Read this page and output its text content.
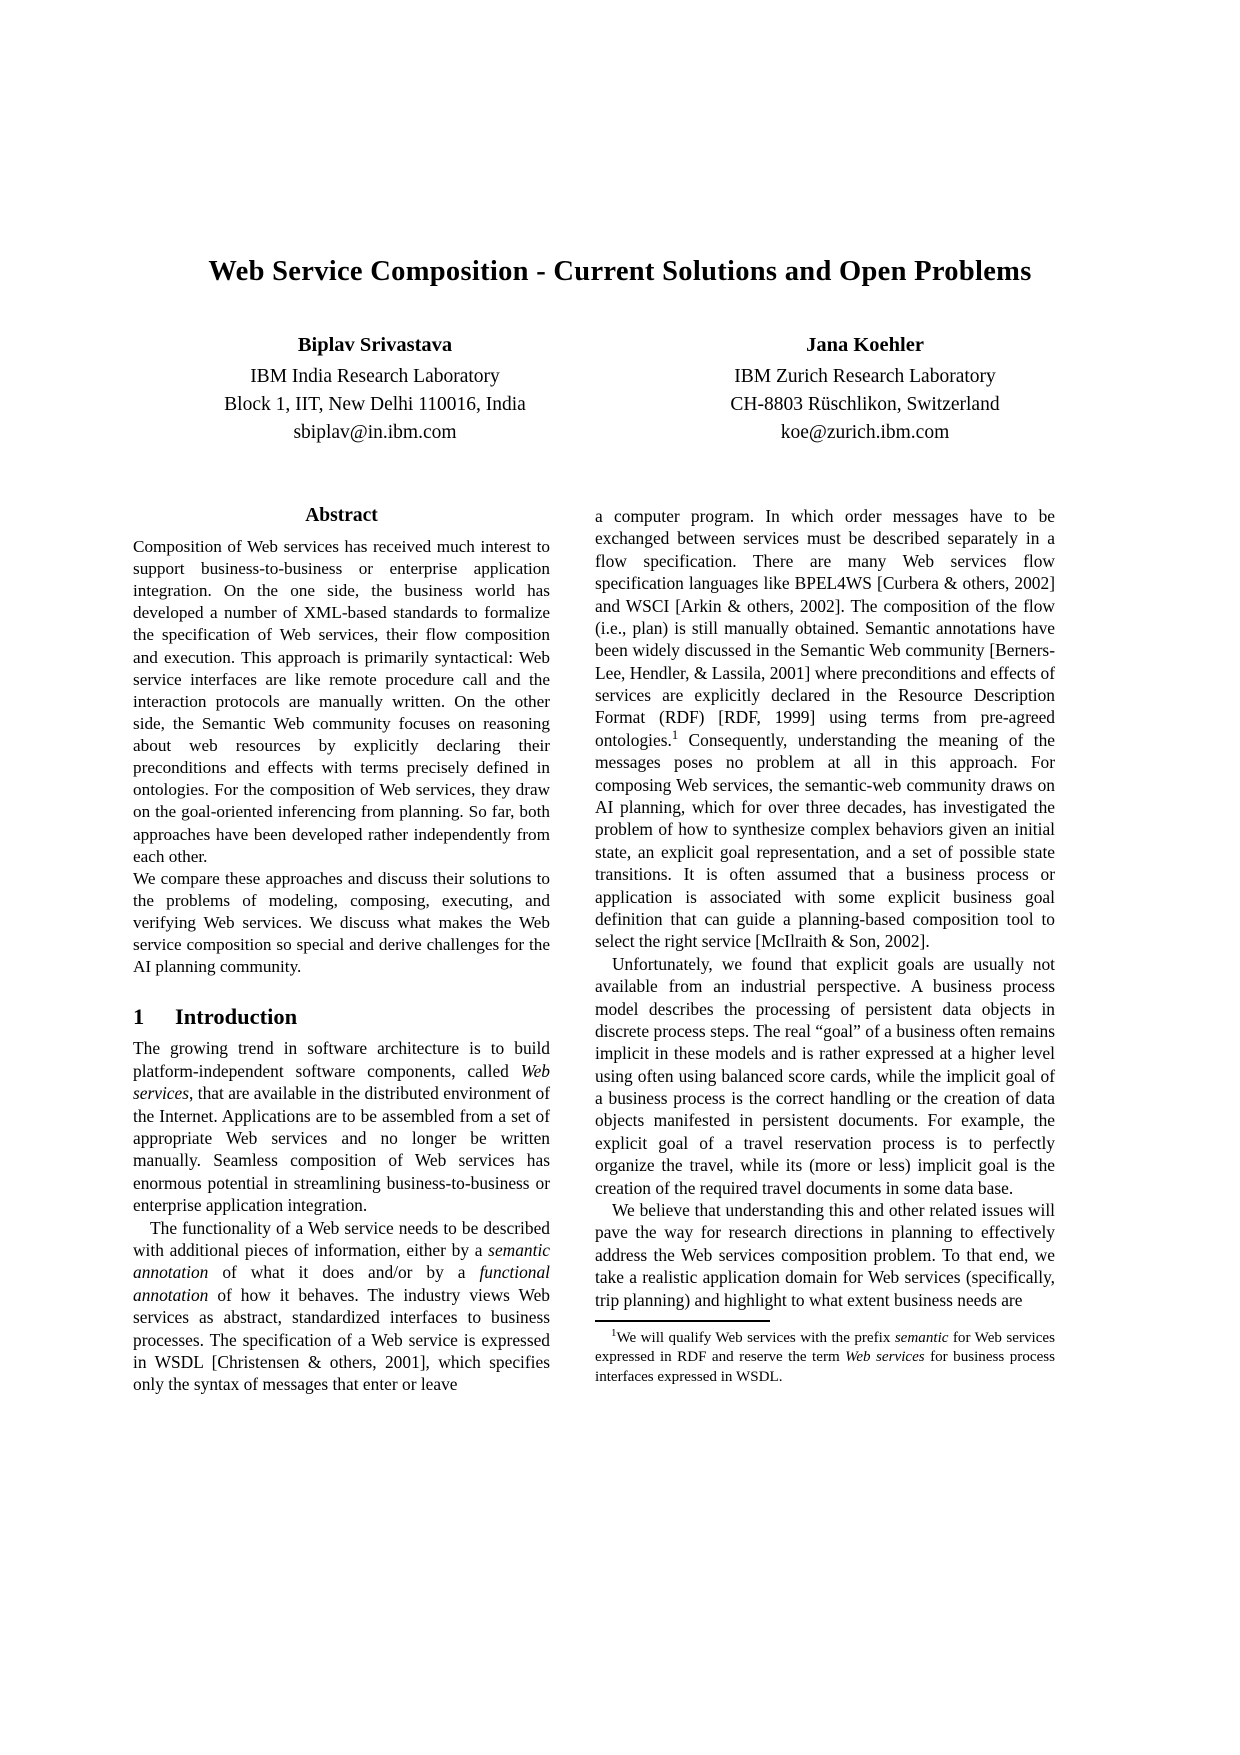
Web Service Composition - Current Solutions and Open Problems
Biplav Srivastava
IBM India Research Laboratory
Block 1, IIT, New Delhi 110016, India
sbiplav@in.ibm.com
Jana Koehler
IBM Zurich Research Laboratory
CH-8803 Rüschlikon, Switzerland
koe@zurich.ibm.com
Abstract

Composition of Web services has received much interest to support business-to-business or enterprise application integration. On the one side, the business world has developed a number of XML-based standards to formalize the specification of Web services, their flow composition and execution. This approach is primarily syntactical: Web service interfaces are like remote procedure call and the interaction protocols are manually written. On the other side, the Semantic Web community focuses on reasoning about web resources by explicitly declaring their preconditions and effects with terms precisely defined in ontologies. For the composition of Web services, they draw on the goal-oriented inferencing from planning. So far, both approaches have been developed rather independently from each other.

We compare these approaches and discuss their solutions to the problems of modeling, composing, executing, and verifying Web services. We discuss what makes the Web service composition so special and derive challenges for the AI planning community.

1	Introduction

The growing trend in software architecture is to build platform-independent software components, called Web services, that are available in the distributed environment of the Internet. Applications are to be assembled from a set of appropriate Web services and no longer be written manually. Seamless composition of Web services has enormous potential in streamlining business-to-business or enterprise application integration.

The functionality of a Web service needs to be described with additional pieces of information, either by a semantic annotation of what it does and/or by a functional annotation of how it behaves. The industry views Web services as abstract, standardized interfaces to business processes. The specification of a Web service is expressed in WSDL [Christensen & others, 2001], which specifies only the syntax of messages that enter or leave

a computer program. In which order messages have to be exchanged between services must be described separately in a flow specification. There are many Web services flow specification languages like BPEL4WS [Curbera & others, 2002] and WSCI [Arkin & others, 2002]. The composition of the flow (i.e., plan) is still manually obtained. Semantic annotations have been widely discussed in the Semantic Web community [Berners-Lee, Hendler, & Lassila, 2001] where preconditions and effects of services are explicitly declared in the Resource Description Format (RDF) [RDF, 1999] using terms from pre-agreed ontologies.$^1$ Consequently, understanding the meaning of the messages poses no problem at all in this approach. For composing Web services, the semantic-web community draws on AI planning, which for over three decades, has investigated the problem of how to synthesize complex behaviors given an initial state, an explicit goal representation, and a set of possible state transitions. It is often assumed that a business process or application is associated with some explicit business goal definition that can guide a planning-based composition tool to select the right service [McIlraith & Son, 2002].

Unfortunately, we found that explicit goals are usually not available from an industrial perspective. A business process model describes the processing of persistent data objects in discrete process steps. The real “goal” of a business often remains implicit in these models and is rather expressed at a higher level using often using balanced score cards, while the implicit goal of a business process is the correct handling or the creation of data objects manifested in persistent documents. For example, the explicit goal of a travel reservation process is to perfectly organize the travel, while its (more or less) implicit goal is the creation of the required travel documents in some data base.

We believe that understanding this and other related issues will pave the way for research directions in planning to effectively address the Web services composition problem. To that end, we take a realistic application domain for Web services (specifically, trip planning) and highlight to what extent business needs are

$^1$We will qualify Web services with the prefix semantic for Web services expressed in RDF and reserve the term Web services for business process interfaces expressed in WSDL.
